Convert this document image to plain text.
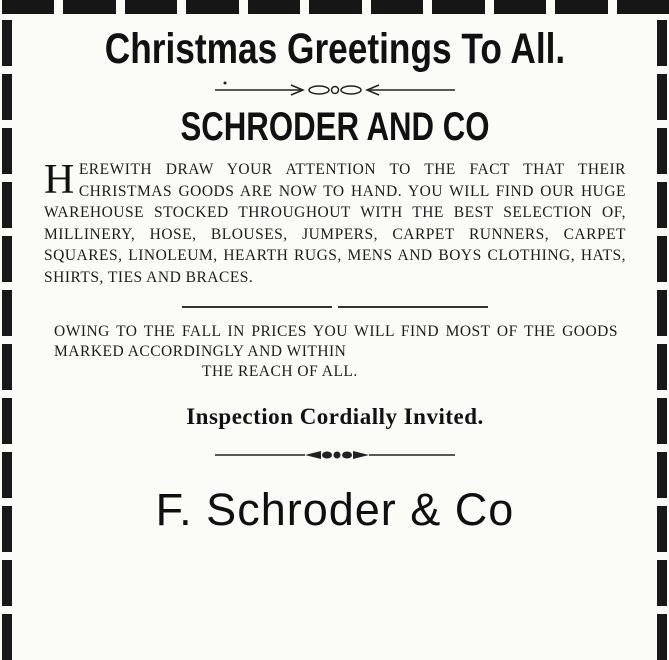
Christmas Greetings To All.
SCHRODER AND CO
H EREWITH DRAW YOUR ATTENTION TO THE FACT THAT THEIR CHRISTMAS GOODS ARE NOW TO HAND. YOU WILL FIND OUR HUGE WAREHOUSE STOCKED THROUGHOUT WITH THE BEST SELECTION OF, MILLINERY, HOSE, BLOUSES, JUMPERS, CARPET RUNNERS, CARPET SQUARES, LINOLEUM, HEARTH RUGS, MENS AND BOYS CLOTHING, HATS, SHIRTS, TIES AND BRACES.
OWING TO THE FALL IN PRICES YOU WILL FIND MOST OF THE GOODS MARKED ACCORDINGLY AND WITHIN
THE REACH OF ALL.
Inspection Cordially Invited.
F. Schroder & Co
